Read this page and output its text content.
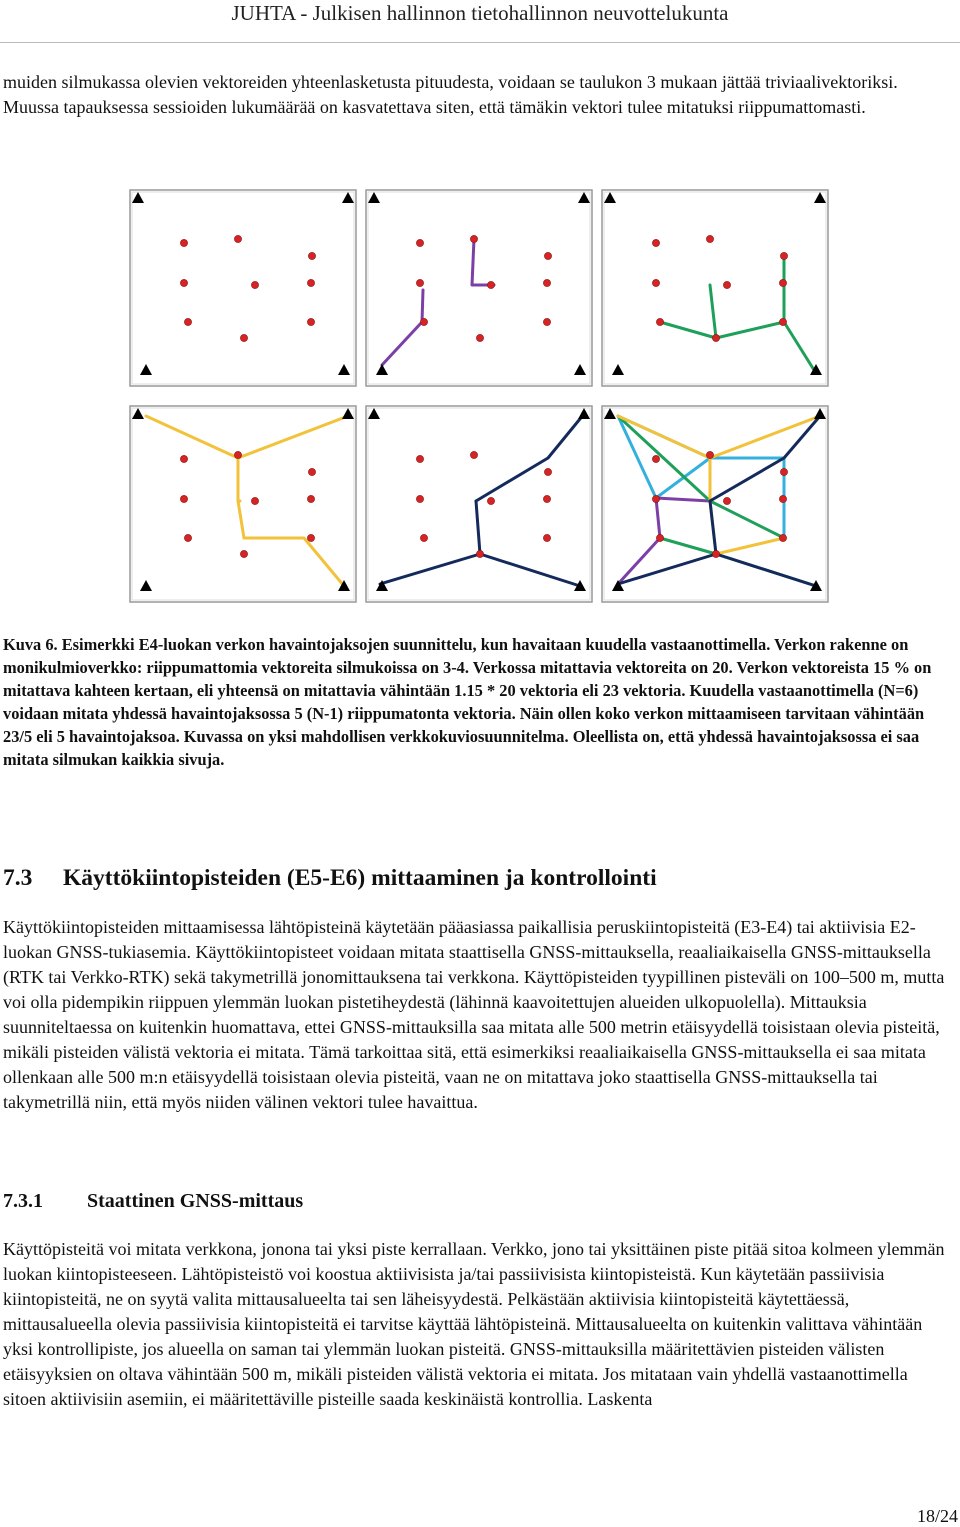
JUHTA - Julkisen hallinnon tietohallinnon neuvottelukunta
muiden silmukassa olevien vektoreiden yhteenlasketusta pituudesta, voidaan se taulukon 3 mukaan jättää triviaalivektoriksi. Muussa tapauksessa sessioiden lukumäärää on kasvatettava siten, että tämäkin vektori tulee mitatuksi riippumattomasti.
Kuva 6. Esimerkki E4-luokan verkon havaintojaksojen suunnittelu, kun havaitaan kuudella vastaanottimella. Verkon rakenne on monikulmioverkko: riippumattomia vektoreita silmukoissa on 3-4. Verkossa mitattavia vektoreita on 20. Verkon vektoreista 15 % on mitattava kahteen kertaan, eli yhteensä on mitattavia vähintään 1.15 * 20 vektoria eli 23 vektoria. Kuudella vastaanottimella (N=6) voidaan mitata yhdessä havaintojaksossa 5 (N-1) riippumatonta vektoria. Näin ollen koko verkon mittaamiseen tarvitaan vähintään 23/5 eli 5 havaintojaksoa. Kuvassa on yksi mahdollisen verkkokuviosuunnitelma. Oleellista on, että yhdessä havaintojaksossa ei saa mitata silmukan kaikkia sivuja.
7.3 Käyttökiintopisteiden (E5-E6) mittaaminen ja kontrollointi
Käyttökiintopisteiden mittaamisessa lähtöpisteinä käytetään pääasiassa paikallisia peruskiintopisteitä (E3-E4) tai aktiivisia E2-luokan GNSS-tukiasemia. Käyttökiintopisteet voidaan mitata staattisella GNSS-mittauksella, reaaliaikaisella GNSS-mittauksella (RTK tai Verkko-RTK) sekä takymetrillä jonomittauksena tai verkkona. Käyttöpisteiden tyypillinen pisteväli on 100–500 m, mutta voi olla pidempikin riippuen ylemmän luokan pistetiheydestä (lähinnä kaavoitettujen alueiden ulkopuolella). Mittauksia suunniteltaessa on kuitenkin huomattava, ettei GNSS-mittauksilla saa mitata alle 500 metrin etäisyydellä toisistaan olevia pisteitä, mikäli pisteiden välistä vektoria ei mitata. Tämä tarkoittaa sitä, että esimerkiksi reaaliaikaisella GNSS-mittauksella ei saa mitata ollenkaan alle 500 m:n etäisyydellä toisistaan olevia pisteitä, vaan ne on mitattava joko staattisella GNSS-mittauksella tai takymetrillä niin, että myös niiden välinen vektori tulee havaittua.
7.3.1 Staattinen GNSS-mittaus
Käyttöpisteitä voi mitata verkkona, jonona tai yksi piste kerrallaan. Verkko, jono tai yksittäinen piste pitää sitoa kolmeen ylemmän luokan kiintopisteeseen. Lähtöpisteistö voi koostua aktiivisista ja/tai passiivisista kiintopisteistä. Kun käytetään passiivisia kiintopisteitä, ne on syytä valita mittausalueelta tai sen läheisyydestä. Pelkästään aktiivisia kiintopisteitä käytettäessä, mittausalueella olevia passiivisia kiintopisteitä ei tarvitse käyttää lähtöpisteinä. Mittausalueelta on kuitenkin valittava vähintään yksi kontrollipiste, jos alueella on saman tai ylemmän luokan pisteitä. GNSS-mittauksilla määritettävien pisteiden välisten etäisyyksien on oltava vähintään 500 m, mikäli pisteiden välistä vektoria ei mitata. Jos mitataan vain yhdellä vastaanottimella sitoen aktiivisiin asemiin, ei määritettäville pisteille saada keskinäistä kontrollia. Laskenta
18/24
